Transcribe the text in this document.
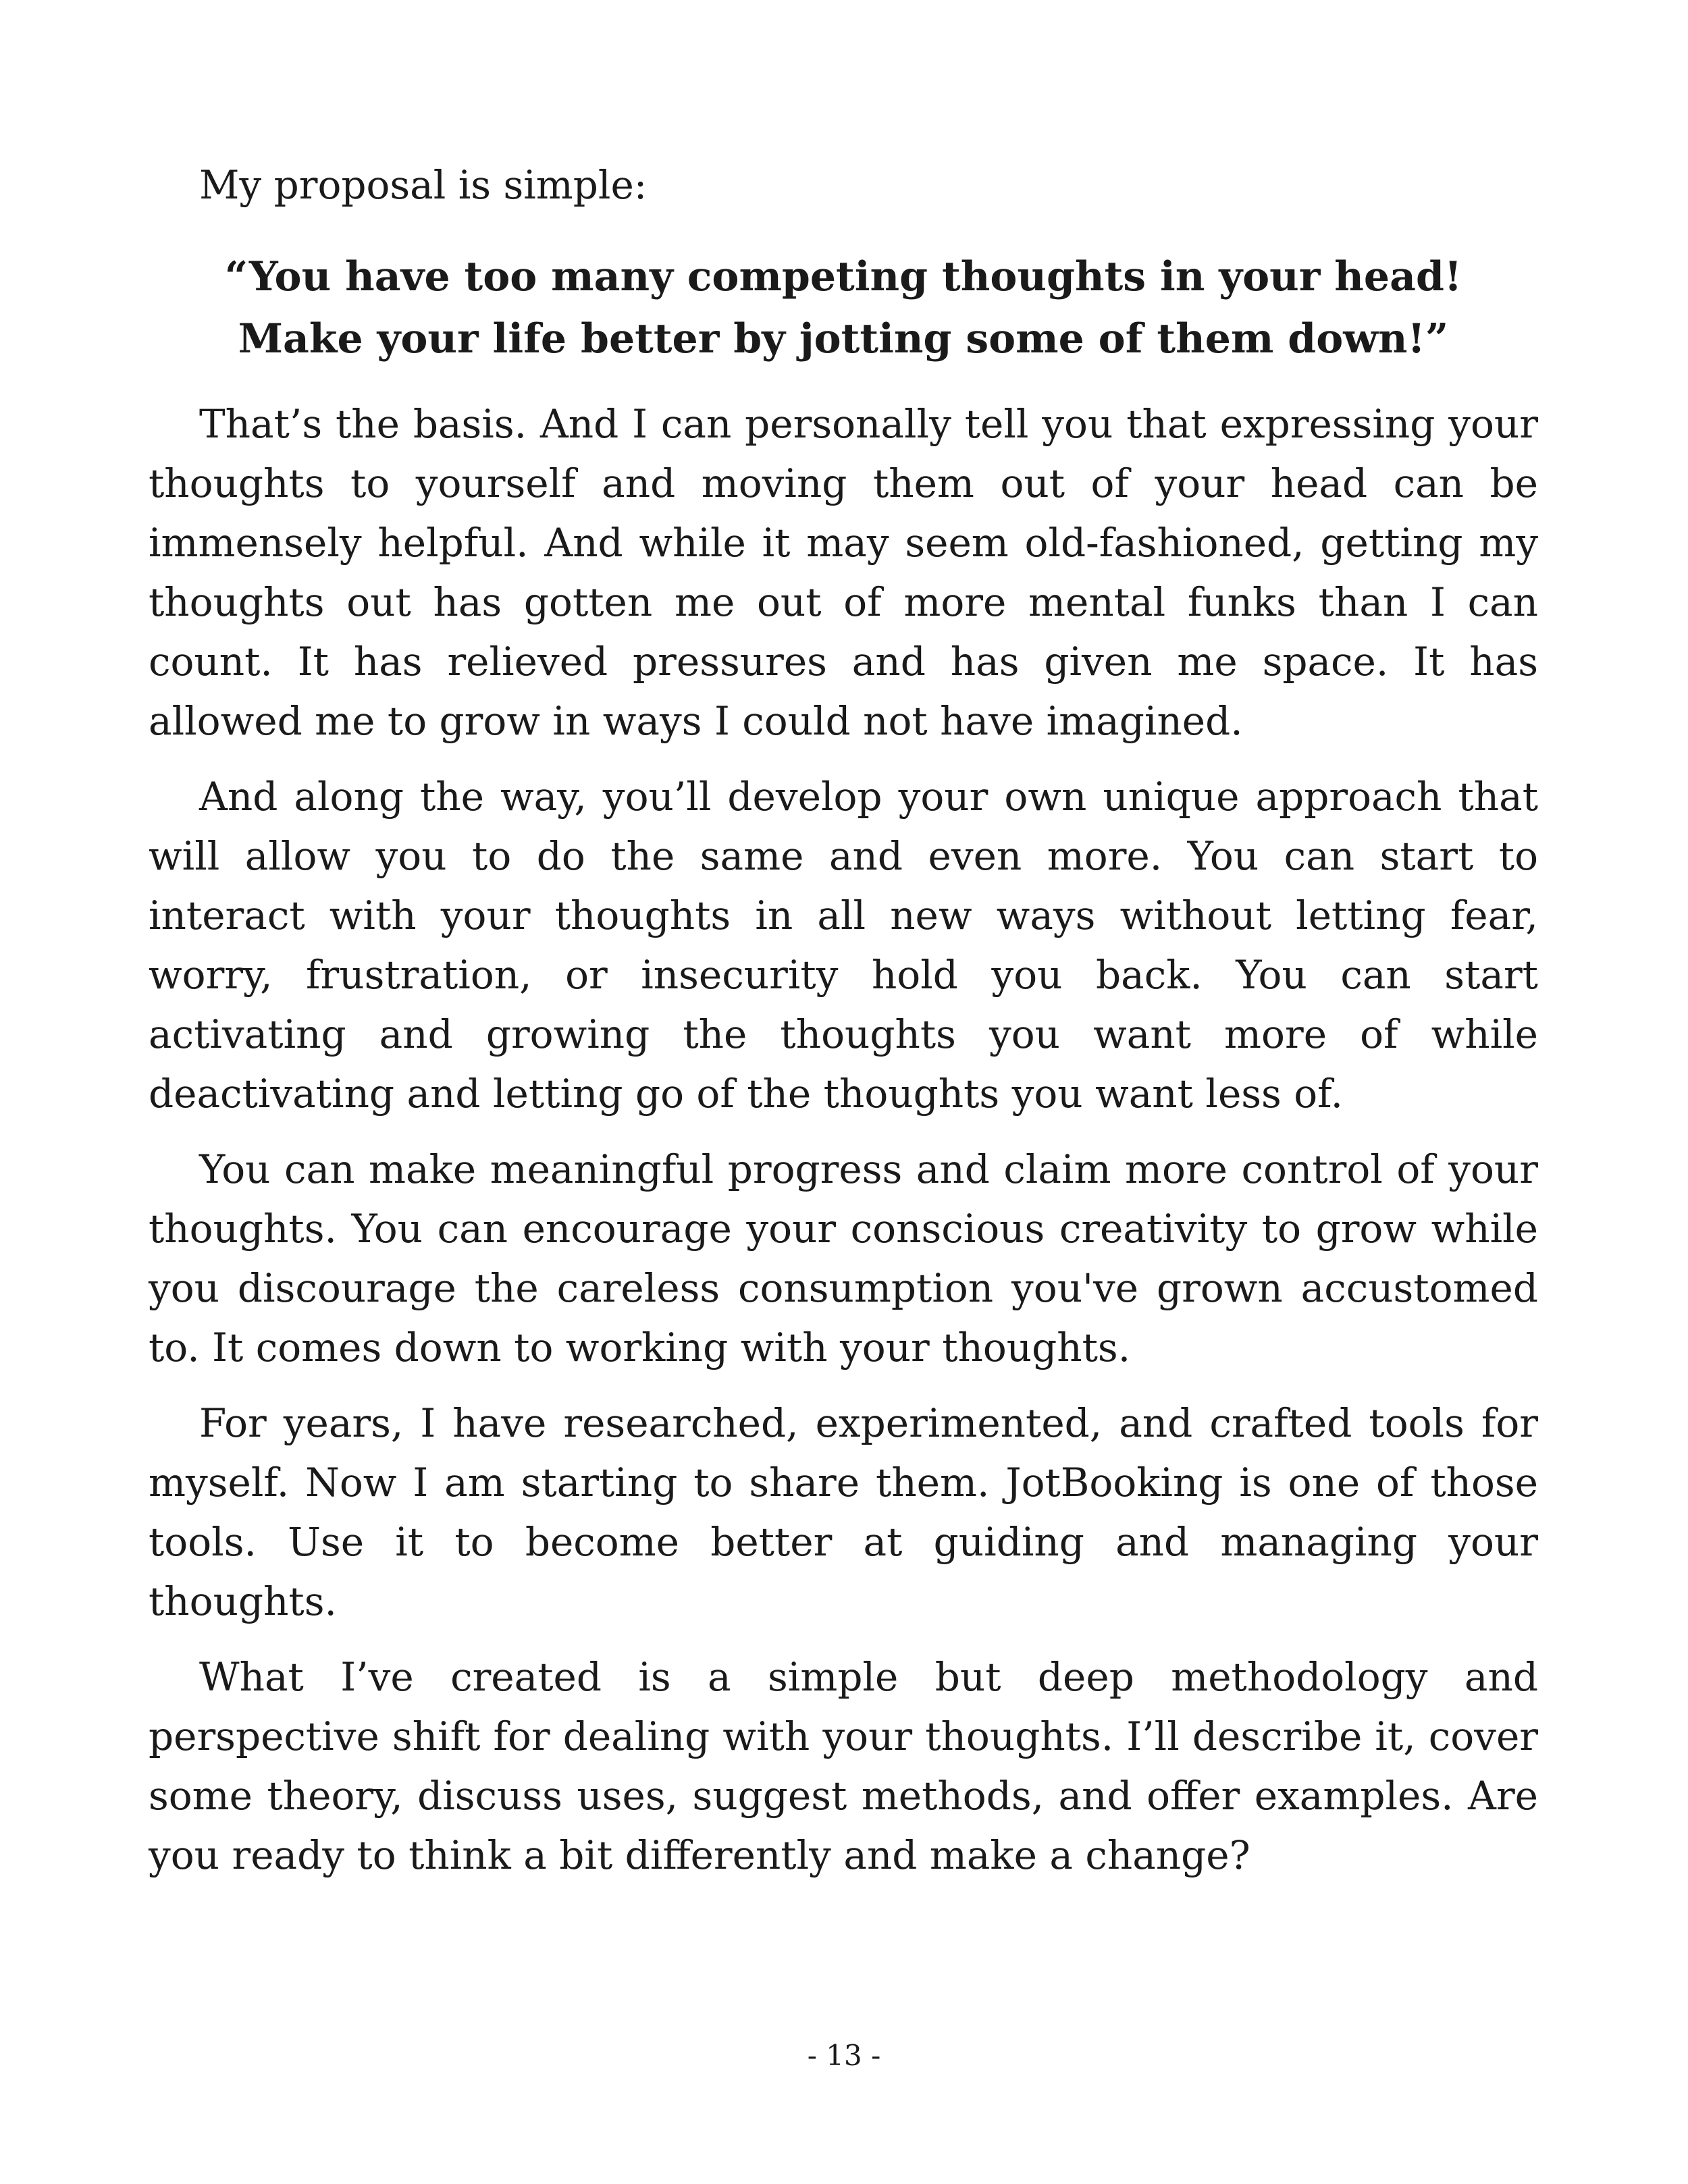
My proposal is simple:

“You have too many competing thoughts in your head! Make your life better by jotting some of them down!”

That’s the basis. And I can personally tell you that expressing your thoughts to yourself and moving them out of your head can be immensely helpful. And while it may seem old-fashioned, getting my thoughts out has gotten me out of more mental funks than I can count. It has relieved pressures and has given me space. It has allowed me to grow in ways I could not have imagined.

And along the way, you’ll develop your own unique approach that will allow you to do the same and even more. You can start to interact with your thoughts in all new ways without letting fear, worry, frustration, or insecurity hold you back. You can start activating and growing the thoughts you want more of while deactivating and letting go of the thoughts you want less of.

You can make meaningful progress and claim more control of your thoughts. You can encourage your conscious creativity to grow while you discourage the careless consumption you've grown accustomed to. It comes down to working with your thoughts.

For years, I have researched, experimented, and crafted tools for myself. Now I am starting to share them. JotBooking is one of those tools. Use it to become better at guiding and managing your thoughts.

What I’ve created is a simple but deep methodology and perspective shift for dealing with your thoughts. I’ll describe it, cover some theory, discuss uses, suggest methods, and offer examples. Are you ready to think a bit differently and make a change?

- 13 -
